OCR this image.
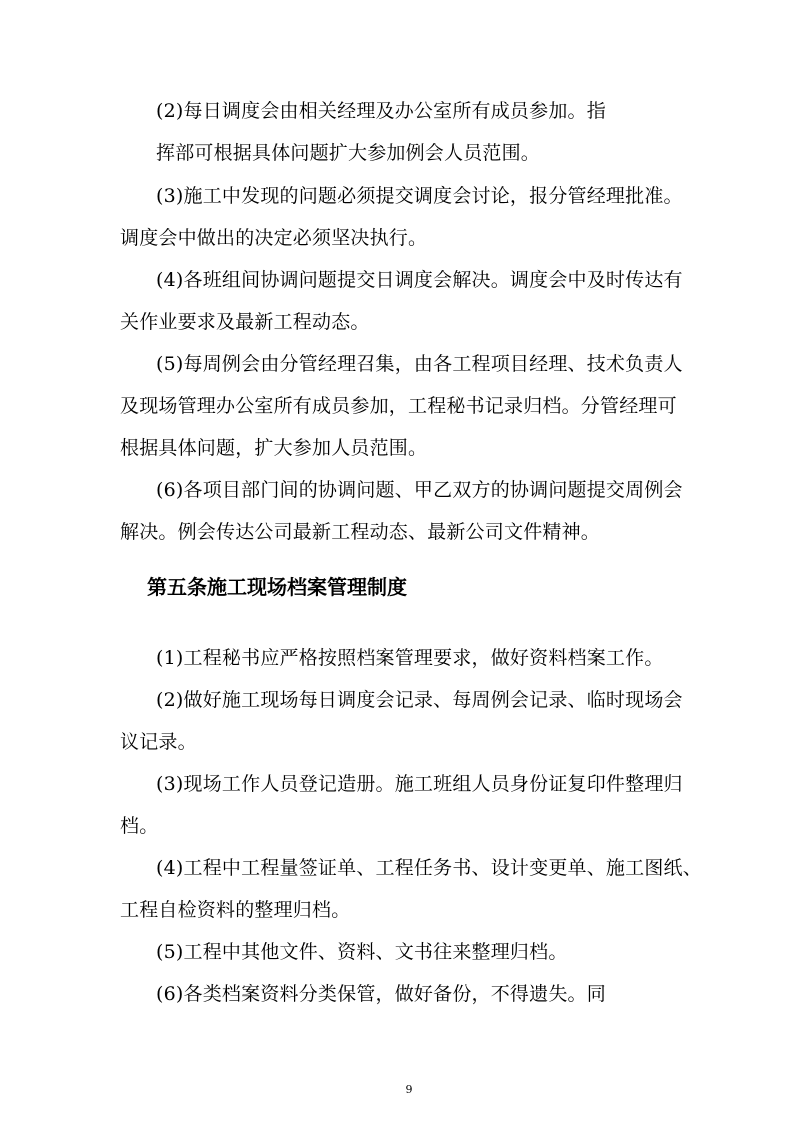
(2)每日调度会由相关经理及办公室所有成员参加。指
挥部可根据具体问题扩大参加例会人员范围。
(3)施工中发现的问题必须提交调度会讨论，报分管经理批准。
调度会中做出的决定必须坚决执行。
(4)各班组间协调问题提交日调度会解决。调度会中及时传达有
关作业要求及最新工程动态。
(5)每周例会由分管经理召集，由各工程项目经理、技术负责人
及现场管理办公室所有成员参加，工程秘书记录归档。分管经理可
根据具体问题，扩大参加人员范围。
(6)各项目部门间的协调问题、甲乙双方的协调问题提交周例会
解决。例会传达公司最新工程动态、最新公司文件精神。
第五条施工现场档案管理制度
(1)工程秘书应严格按照档案管理要求，做好资料档案工作。
(2)做好施工现场每日调度会记录、每周例会记录、临时现场会
议记录。
(3)现场工作人员登记造册。施工班组人员身份证复印件整理归
档。
(4)工程中工程量签证单、工程任务书、设计变更单、施工图纸、
工程自检资料的整理归档。
(5)工程中其他文件、资料、文书往来整理归档。
(6)各类档案资料分类保管，做好备份，不得遗失。同
9
